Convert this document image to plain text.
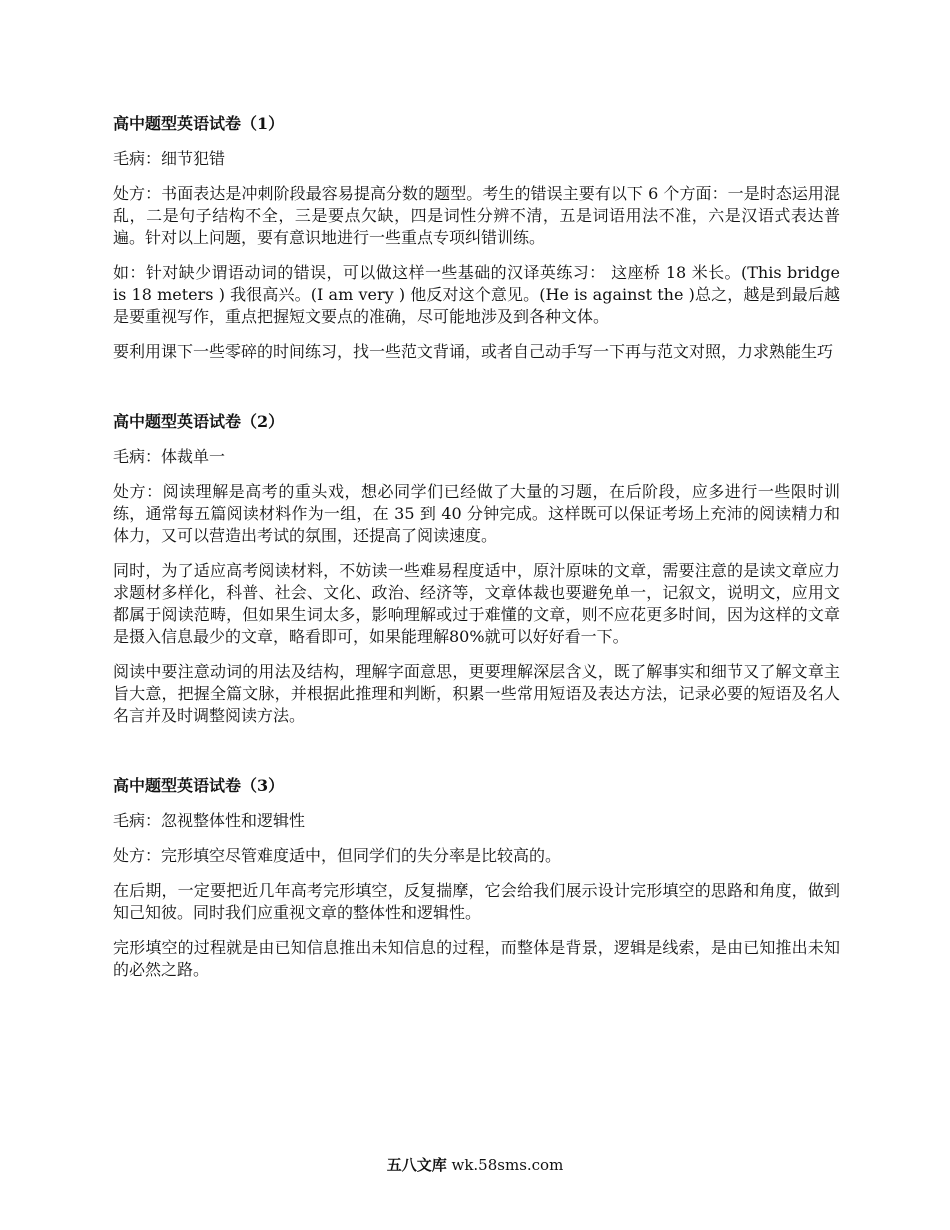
高中题型英语试卷（1）

毛病：细节犯错

处方：书面表达是冲刺阶段最容易提高分数的题型。考生的错误主要有以下 6 个方面：一是时态运用混乱，二是句子结构不全，三是要点欠缺，四是词性分辨不清，五是词语用法不准，六是汉语式表达普遍。针对以上问题，要有意识地进行一些重点专项纠错训练。

如：针对缺少谓语动词的错误，可以做这样一些基础的汉译英练习： 这座桥 18 米长。(This bridge is 18 meters ) 我很高兴。(I am very ) 他反对这个意见。(He is against the )总之，越是到最后越是要重视写作，重点把握短文要点的准确，尽可能地涉及到各种文体。

要利用课下一些零碎的时间练习，找一些范文背诵，或者自己动手写一下再与范文对照，力求熟能生巧

高中题型英语试卷（2）

毛病：体裁单一

处方：阅读理解是高考的重头戏，想必同学们已经做了大量的习题，在后阶段，应多进行一些限时训练，通常每五篇阅读材料作为一组，在 35 到 40 分钟完成。这样既可以保证考场上充沛的阅读精力和体力，又可以营造出考试的氛围，还提高了阅读速度。

同时，为了适应高考阅读材料，不妨读一些难易程度适中，原汁原味的文章，需要注意的是读文章应力求题材多样化，科普、社会、文化、政治、经济等，文章体裁也要避免单一，记叙文，说明文，应用文都属于阅读范畴，但如果生词太多，影响理解或过于难懂的文章，则不应花更多时间，因为这样的文章是摄入信息最少的文章，略看即可，如果能理解80%就可以好好看一下。

阅读中要注意动词的用法及结构，理解字面意思，更要理解深层含义，既了解事实和细节又了解文章主旨大意，把握全篇文脉，并根据此推理和判断，积累一些常用短语及表达方法，记录必要的短语及名人名言并及时调整阅读方法。

高中题型英语试卷（3）

毛病：忽视整体性和逻辑性

处方：完形填空尽管难度适中，但同学们的失分率是比较高的。

在后期，一定要把近几年高考完形填空，反复揣摩，它会给我们展示设计完形填空的思路和角度，做到知己知彼。同时我们应重视文章的整体性和逻辑性。

完形填空的过程就是由已知信息推出未知信息的过程，而整体是背景，逻辑是线索，是由已知推出未知的必然之路。

五八文库 wk.58sms.com
